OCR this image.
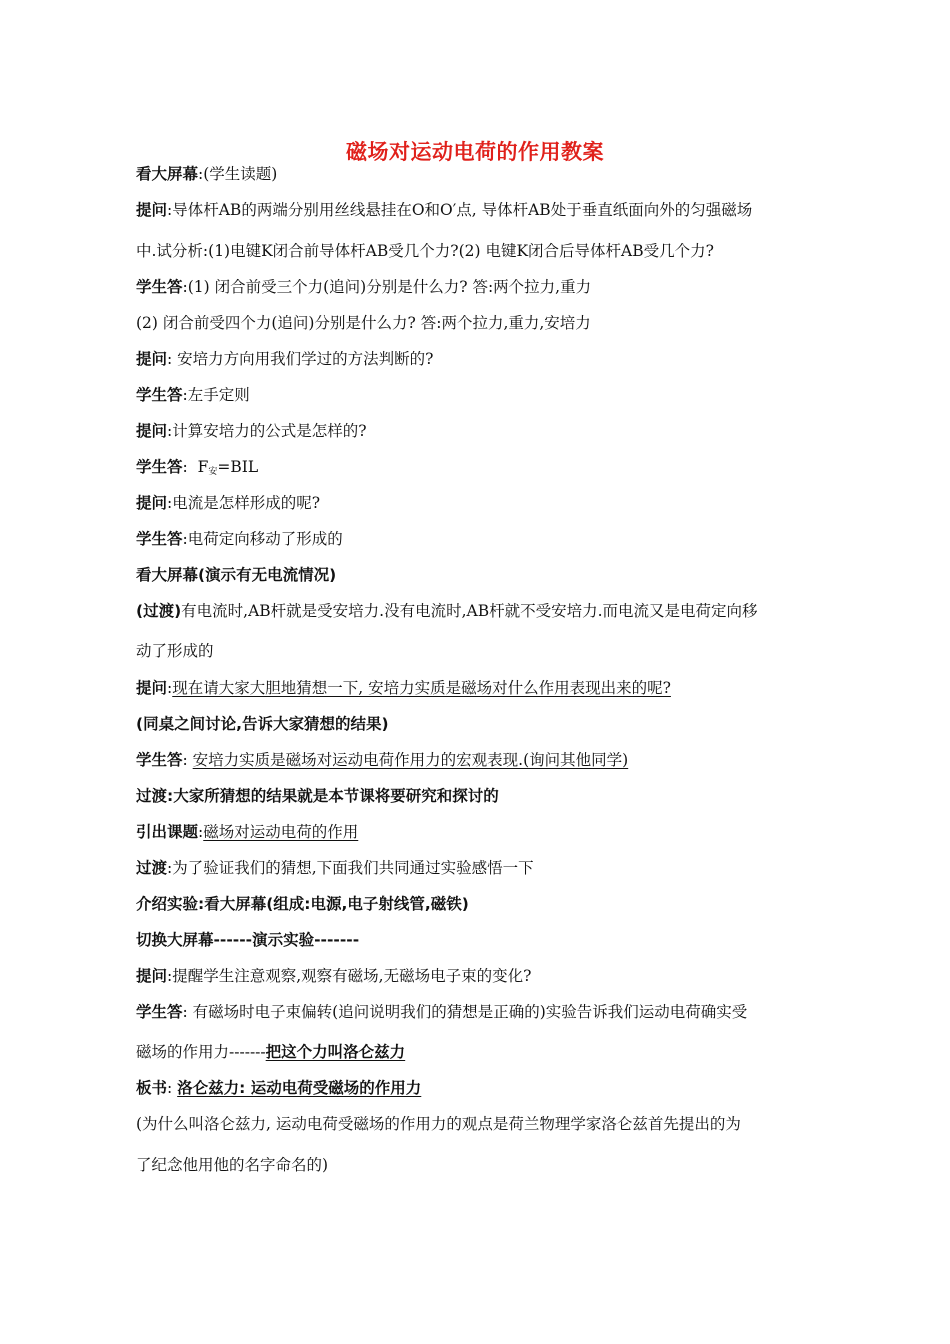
磁场对运动电荷的作用教案
看大屏幕:(学生读题)
提问:导体杆AB的两端分别用丝线悬挂在O和O′点, 导体杆AB处于垂直纸面向外的匀强磁场
中.试分析:(1)电键K闭合前导体杆AB受几个力?(2) 电键K闭合后导体杆AB受几个力?
学生答:(1) 闭合前受三个力(追问)分别是什么力? 答:两个拉力,重力
(2) 闭合前受四个力(追问)分别是什么力? 答:两个拉力,重力,安培力
提问: 安培力方向用我们学过的方法判断的?
学生答:左手定则
提问:计算安培力的公式是怎样的?
学生答:  $F_安=BIL$
提问:电流是怎样形成的呢?
学生答:电荷定向移动了形成的
看大屏幕(演示有无电流情况)
(过渡)有电流时,AB杆就是受安培力.没有电流时,AB杆就不受安培力.而电流又是电荷定向移
动了形成的
提问:现在请大家大胆地猜想一下, 安培力实质是磁场对什么作用表现出来的呢?
(同桌之间讨论,告诉大家猜想的结果)
学生答: 安培力实质是磁场对运动电荷作用力的宏观表现.(询问其他同学)
过渡:大家所猜想的结果就是本节课将要研究和探讨的
引出课题:磁场对运动电荷的作用
过渡:为了验证我们的猜想,下面我们共同通过实验感悟一下
介绍实验:看大屏幕(组成:电源,电子射线管,磁铁)
切换大屏幕------演示实验-------
提问:提醒学生注意观察,观察有磁场,无磁场电子束的变化?
学生答: 有磁场时电子束偏转(追问说明我们的猜想是正确的)实验告诉我们运动电荷确实受
磁场的作用力-------把这个力叫洛仑兹力
板书: 洛仑兹力: 运动电荷受磁场的作用力
(为什么叫洛仑兹力, 运动电荷受磁场的作用力的观点是荷兰物理学家洛仑兹首先提出的为
了纪念他用他的名字命名的)
